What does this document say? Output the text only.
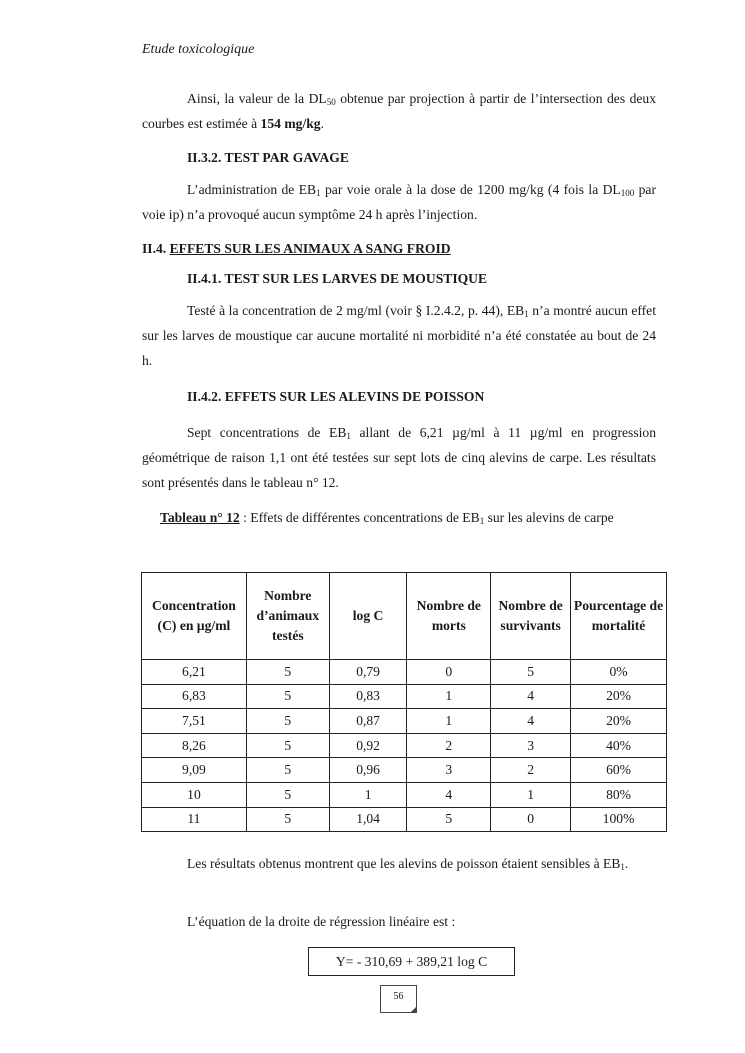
Etude toxicologique
Ainsi, la valeur de la $DL_{50}$ obtenue par projection à partir de l’intersection des deux courbes est estimée à 154 mg/kg.
II.3.2. TEST PAR GAVAGE
L’administration de $EB_1$ par voie orale à la dose de 1200 mg/kg (4 fois la $DL_{100}$ par voie ip) n’a provoqué aucun symptôme 24 h après l’injection.
II.4. EFFETS SUR LES ANIMAUX A SANG FROID
II.4.1. TEST SUR LES LARVES DE MOUSTIQUE
Testé à la concentration de 2 mg/ml (voir § I.2.4.2, p. 44), $EB_1$ n’a montré aucun effet sur les larves de moustique car aucune mortalité ni morbidité n’a été constatée au bout de 24 h.
II.4.2. EFFETS SUR LES ALEVINS DE POISSON
Sept concentrations de $EB_1$ allant de 6,21 µg/ml à 11 µg/ml en progression géométrique de raison 1,1 ont été testées sur sept lots de cinq alevins de carpe. Les résultats sont présentés dans le tableau n° 12.
Tableau n° 12 : Effets de différentes concentrations de $EB_1$ sur les alevins de carpe
Concentration (C) en µg/ml	Nombre d’animaux testés	log C	Nombre de morts	Nombre de survivants	Pourcentage de mortalité
6,21	5	0,79	0	5	0%
6,83	5	0,83	1	4	20%
7,51	5	0,87	1	4	20%
8,26	5	0,92	2	3	40%
9,09	5	0,96	3	2	60%
10	5	1	4	1	80%
11	5	1,04	5	0	100%
Les résultats obtenus montrent que les alevins de poisson étaient sensibles à $EB_1$.
L’équation de la droite de régression linéaire est :
Y= - 310,69 + 389,21 log C
56
